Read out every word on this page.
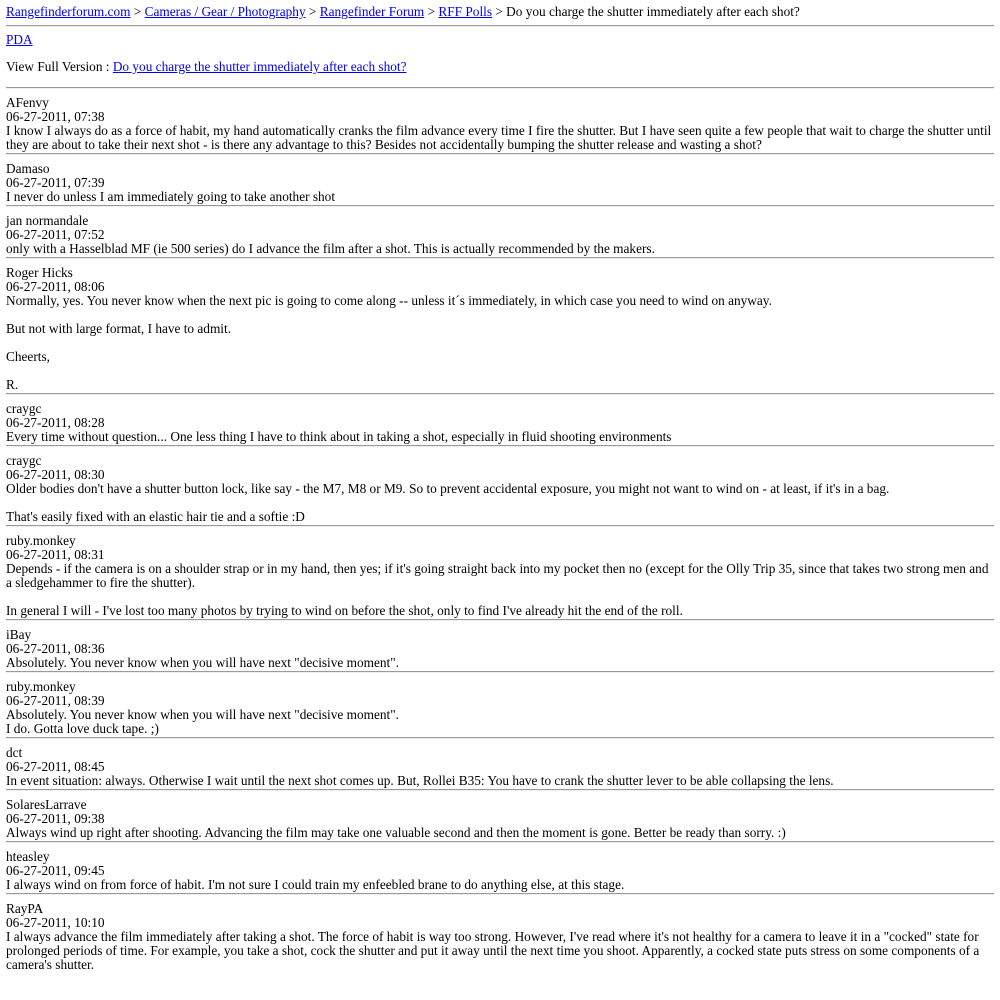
Rangefinderforum.com > Cameras / Gear / Photography > Rangefinder Forum > RFF Polls > Do you charge the shutter immediately after each shot?
PDA
View Full Version : Do you charge the shutter immediately after each shot?
AFenvy
06-27-2011, 07:38

I know I always do as a force of habit, my hand automatically cranks the film advance every time I fire the shutter. But I have seen quite a few people that wait to charge the shutter until they are about to take their next shot - is there any advantage to this? Besides not accidentally bumping the shutter release and wasting a shot?

Damaso
06-27-2011, 07:39

I never do unless I am immediately going to take another shot

jan normandale
06-27-2011, 07:52

only with a Hasselblad MF (ie 500 series) do I advance the film after a shot. This is actually recommended by the makers.

Roger Hicks
06-27-2011, 08:06

Normally, yes. You never know when the next pic is going to come along -- unless it´s immediately, in which case you need to wind on anyway.

But not with large format, I have to admit.

Cheerts,

R.

craygc
06-27-2011, 08:28

Every time without question... One less thing I have to think about in taking a shot, especially in fluid shooting environments

craygc
06-27-2011, 08:30

Older bodies don't have a shutter button lock, like say - the M7, M8 or M9. So to prevent accidental exposure, you might not want to wind on - at least, if it's in a bag.

That's easily fixed with an elastic hair tie and a softie :D

ruby.monkey
06-27-2011, 08:31

Depends - if the camera is on a shoulder strap or in my hand, then yes; if it's going straight back into my pocket then no (except for the Olly Trip 35, since that takes two strong men and a sledgehammer to fire the shutter).

In general I will - I've lost too many photos by trying to wind on before the shot, only to find I've already hit the end of the roll.

iBay
06-27-2011, 08:36

Absolutely. You never know when you will have next "decisive moment".

ruby.monkey
06-27-2011, 08:39

Absolutely. You never know when you will have next "decisive moment".

I do. Gotta love duck tape. ;)

dct
06-27-2011, 08:45

In event situation: always. Otherwise I wait until the next shot comes up. But, Rollei B35: You have to crank the shutter lever to be able collapsing the lens.

SolaresLarrave
06-27-2011, 09:38

Always wind up right after shooting. Advancing the film may take one valuable second and then the moment is gone. Better be ready than sorry. :)

hteasley
06-27-2011, 09:45

I always wind on from force of habit. I'm not sure I could train my enfeebled brane to do anything else, at this stage.

RayPA
06-27-2011, 10:10

I always advance the film immediately after taking a shot. The force of habit is way too strong. However, I've read where it's not healthy for a camera to leave it in a "cocked" state for prolonged periods of time. For example, you take a shot, cock the shutter and put it away until the next time you shoot. Apparently, a cocked state puts stress on some components of a camera's shutter.
